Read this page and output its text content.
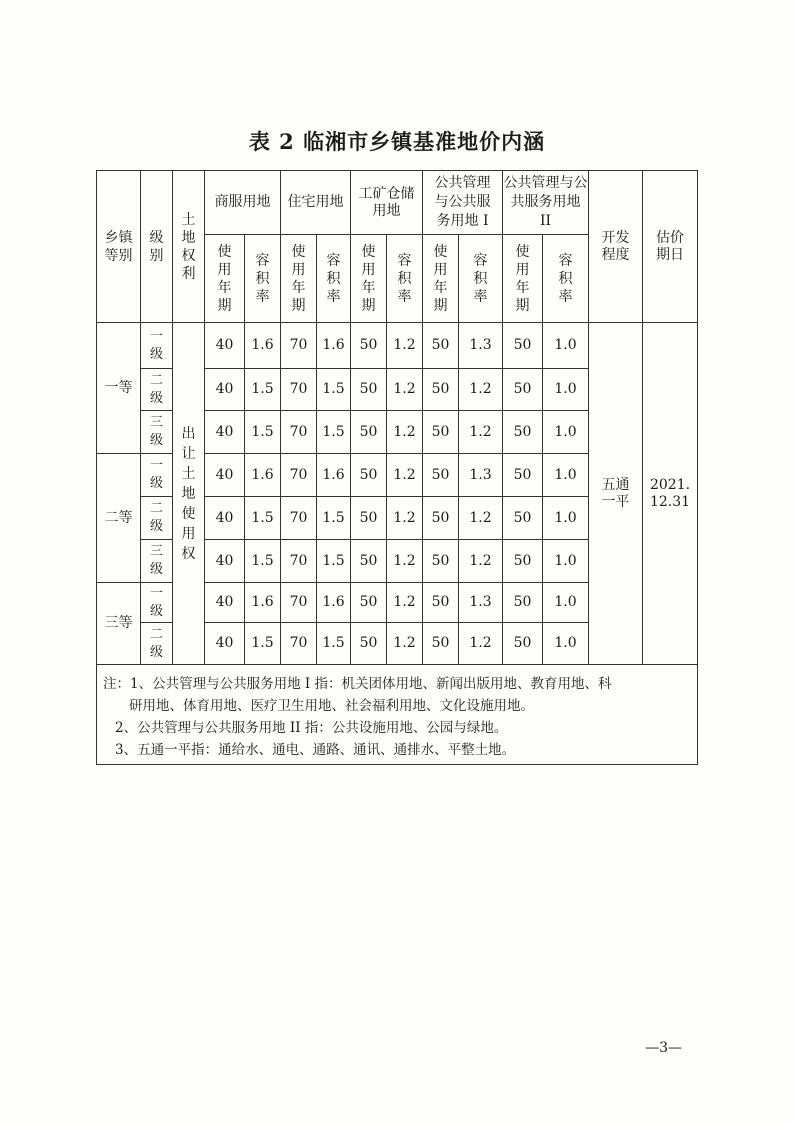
表 2 临湘市乡镇基准地价内涵
乡镇等别	级别	土地权利	商服用地		住宅用地		工矿仓储用地		公共管理与公共服务用地 I		公共管理与公共服务用地 II		开发程度	估价期日
			使用年期	容积率	使用年期	容积率	使用年期	容积率	使用年期	容积率	使用年期	容积率		
一等	一级	出让土地使用权	40	1.6	70	1.6	50	1.2	50	1.3	50	1.0	五通一平	2021.12.31
	二级		40	1.5	70	1.5	50	1.2	50	1.2	50	1.0		
	三级		40	1.5	70	1.5	50	1.2	50	1.2	50	1.0		
二等	一级		40	1.6	70	1.6	50	1.2	50	1.3	50	1.0		
	二级		40	1.5	70	1.5	50	1.2	50	1.2	50	1.0		
	三级		40	1.5	70	1.5	50	1.2	50	1.2	50	1.0		
三等	一级		40	1.6	70	1.6	50	1.2	50	1.3	50	1.0		
	二级		40	1.5	70	1.5	50	1.2	50	1.2	50	1.0		

注：1、公共管理与公共服务用地 I 指：机关团体用地、新闻出版用地、教育用地、科
研用地、体育用地、医疗卫生用地、社会福利用地、文化设施用地。
2、公共管理与公共服务用地 II 指：公共设施用地、公园与绿地。
3、五通一平指：通给水、通电、通路、通讯、通排水、平整土地。														
—3—
